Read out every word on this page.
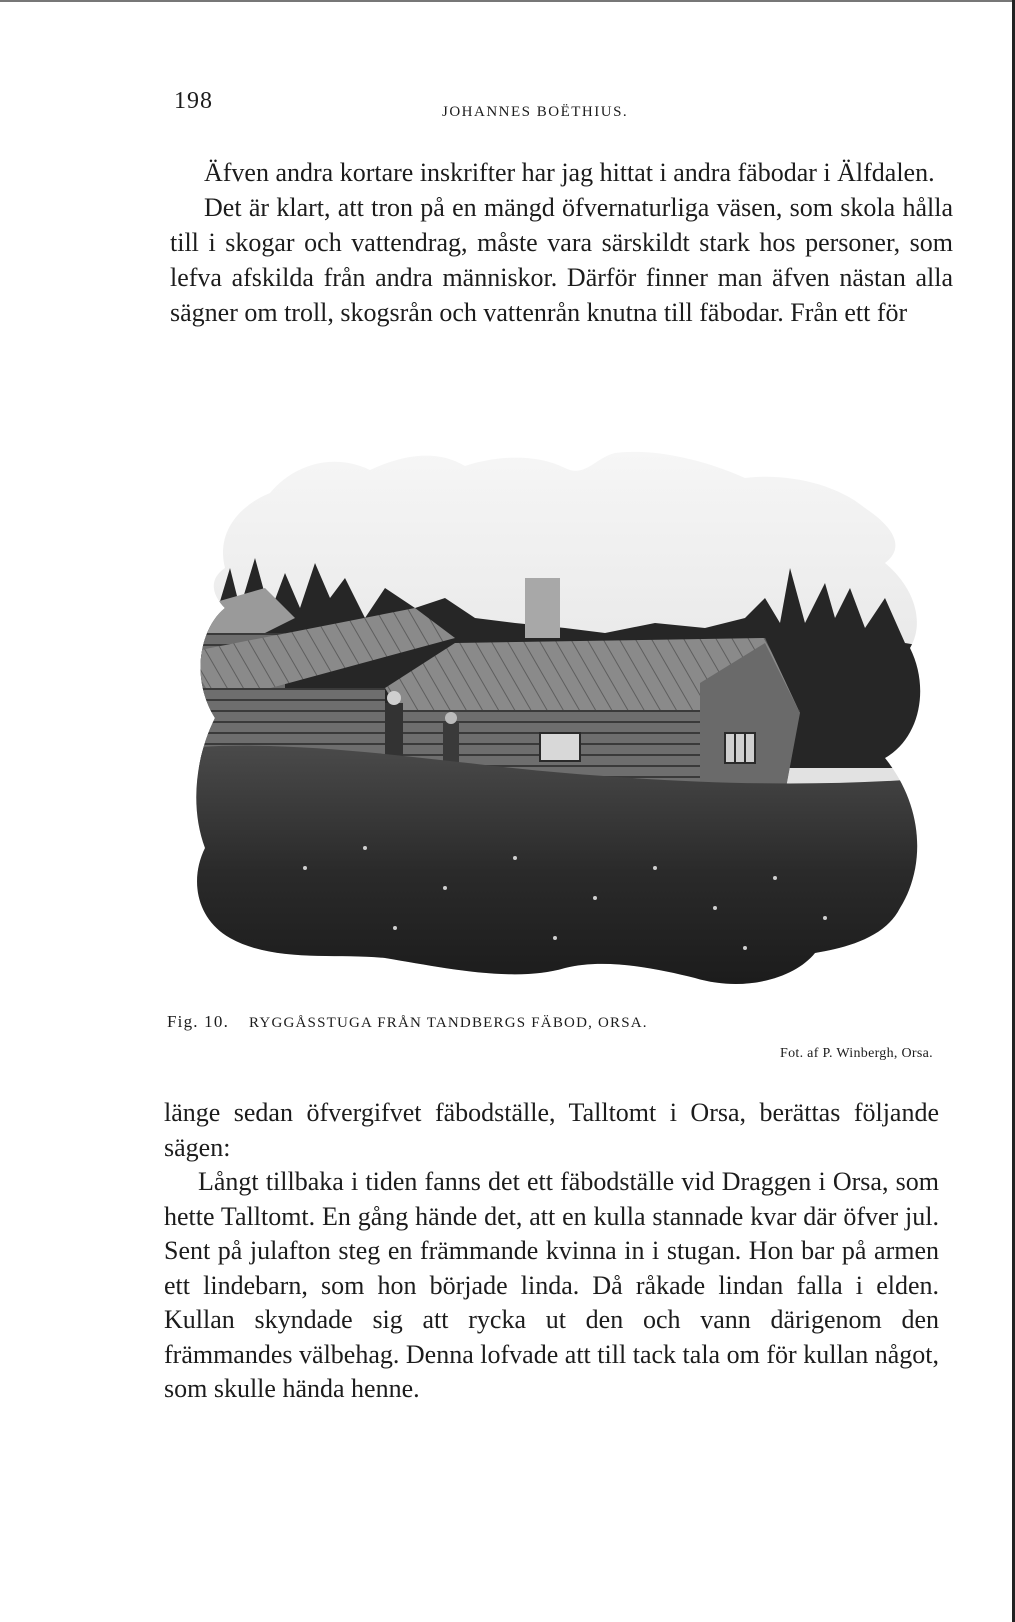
198	JOHANNES BOËTHIUS.

Äfven andra kortare inskrifter har jag hittat i andra fäbodar i Älfdalen.

Det är klart, att tron på en mängd öfvernaturliga väsen, som skola hålla till i skogar och vattendrag, måste vara särskildt stark hos personer, som lefva afskilda från andra människor. Därför finner man äfven nästan alla sägner om troll, skogsrån och vattenrån knutna till fäbodar. Från ett för

Fig. 10. RYGGÅSSTUGA FRÅN TANDBERGS FÄBOD, ORSA.
Fot. af P. Winbergh, Orsa.

länge sedan öfvergifvet fäbodställe, Talltomt i Orsa, berättas följande sägen:

Långt tillbaka i tiden fanns det ett fäbodställe vid Draggen i Orsa, som hette Talltomt. En gång hände det, att en kulla stannade kvar där öfver jul. Sent på julafton steg en främmande kvinna in i stugan. Hon bar på armen ett lindebarn, som hon började linda. Då råkade lindan falla i elden. Kullan skyndade sig att rycka ut den och vann därigenom den främmandes välbehag. Denna lofvade att till tack tala om för kullan något, som skulle hända henne.
